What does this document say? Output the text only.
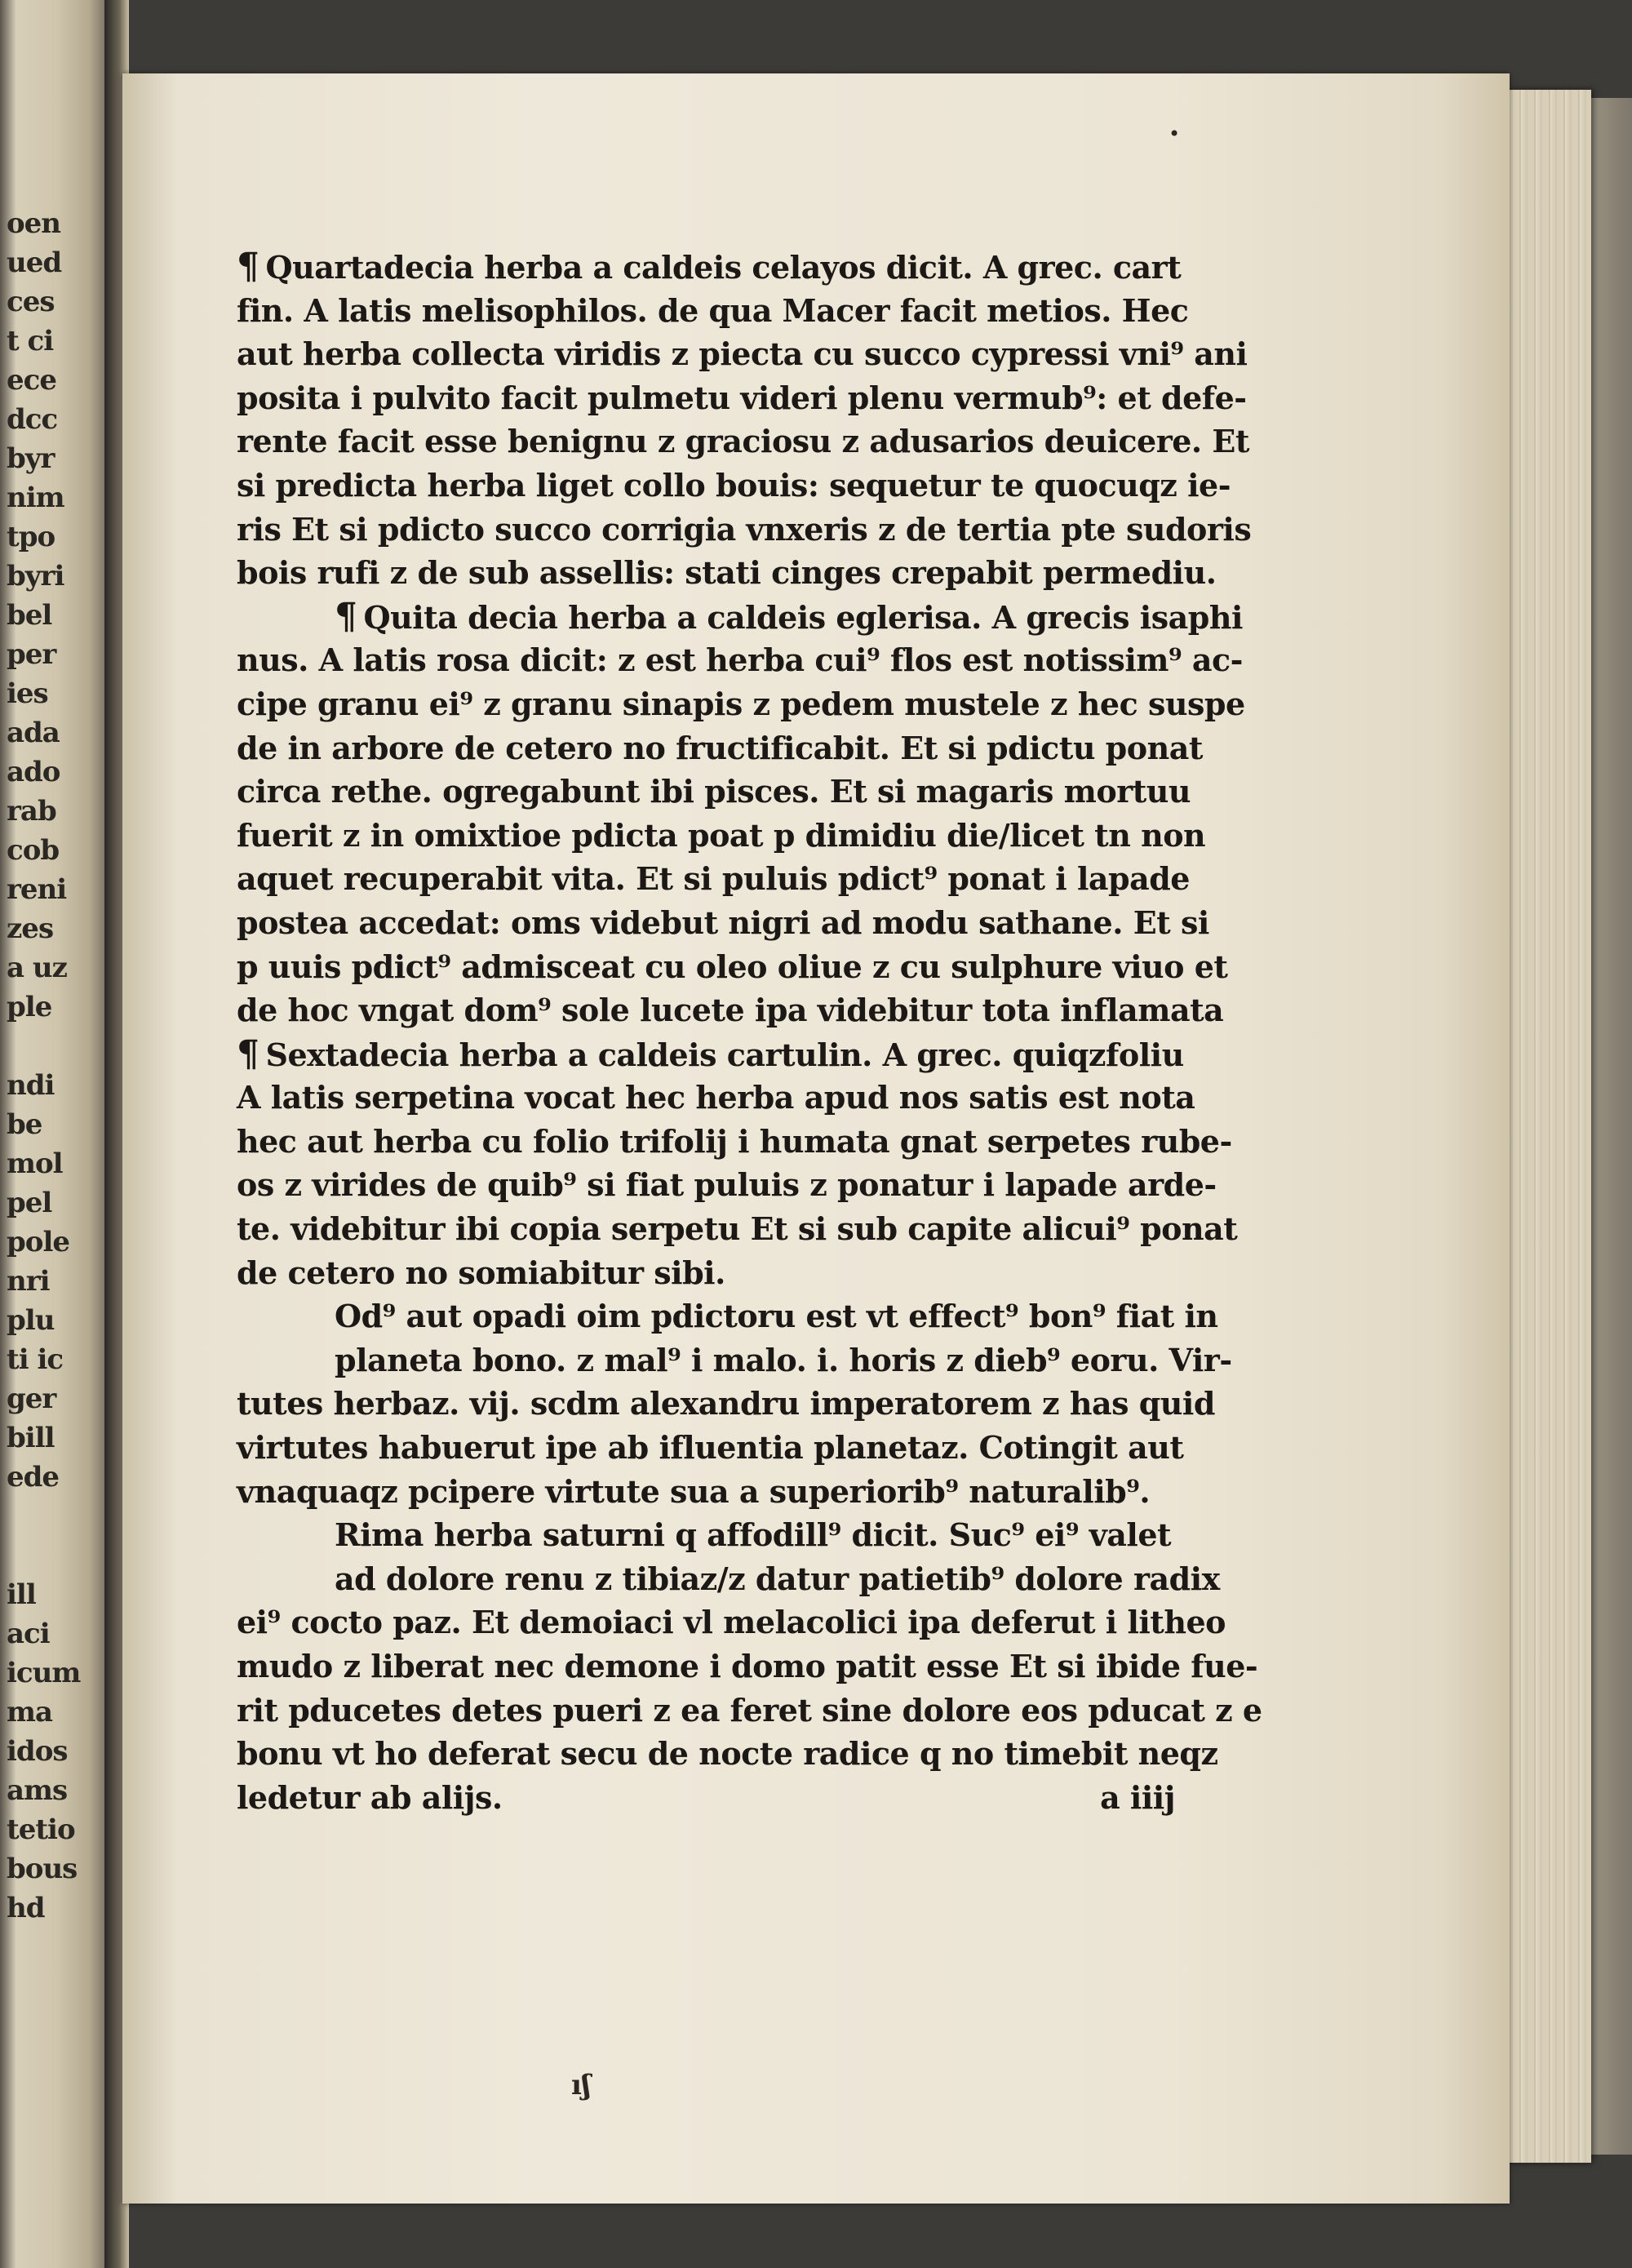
oen
ued
ces
t ci
ece
dcc
byr
nim
tpo
byri
bel
per
ies
ada
ado
rab
cob
reni
zes
a uz
ple
ndi
be
mol
pel
pole
nri
plu
ti ic
ger
bill
ede
ill
aci
icum
ma
idos
ams
tetio
bous
hd
•
¶ Quartadecia herba a caldeis celayos dicit. A grec. cart
fin. A latis melisophilos. de qua Macer facit metios. Hec
aut herba collecta viridis z piecta cu succo cypressi vni⁹ ani
posita i pulvito facit pulmetu videri plenu vermub⁹: et defe-
rente facit esse benignu z graciosu z adusarios deuicere. Et
si predicta herba liget collo bouis: sequetur te quocuqz ie-
ris Et si pdicto succo corrigia vnxeris z de tertia pte sudoris
bois rufi z de sub assellis: stati cinges crepabit permediu.
¶ Quita decia herba a caldeis eglerisa. A grecis isaphi
nus. A latis rosa dicit: z est herba cui⁹ flos est notissim⁹ ac-
cipe granu ei⁹ z granu sinapis z pedem mustele z hec suspe
de in arbore de cetero no fructificabit. Et si pdictu ponat
circa rethe. ogregabunt ibi pisces. Et si magaris mortuu
fuerit z in omixtioe pdicta poat p dimidiu die/licet tn non
aquet recuperabit vita. Et si puluis pdict⁹ ponat i lapade
postea accedat: oms videbut nigri ad modu sathane. Et si
p uuis pdict⁹ admisceat cu oleo oliue z cu sulphure viuo et
de hoc vngat dom⁹ sole lucete ipa videbitur tota inflamata
¶ Sextadecia herba a caldeis cartulin. A grec. quiqzfoliu
A latis serpetina vocat hec herba apud nos satis est nota
hec aut herba cu folio trifolij i humata gnat serpetes rube-
os z virides de quib⁹ si fiat puluis z ponatur i lapade arde-
te. videbitur ibi copia serpetu Et si sub capite alicui⁹ ponat
de cetero no somiabitur sibi.
Od⁹ aut opadi oim pdictoru est vt effect⁹ bon⁹ fiat in
planeta bono. z mal⁹ i malo. i. horis z dieb⁹ eoru. Vir-
tutes herbaz. vij. scdm alexandru imperatorem z has quid
virtutes habuerut ipe ab ifluentia planetaz. Cotingit aut
vnaquaqz pcipere virtute sua a superiorib⁹ naturalib⁹.
Rima herba saturni q affodill⁹ dicit. Suc⁹ ei⁹ valet
ad dolore renu z tibiaz/z datur patietib⁹ dolore radix
ei⁹ cocto paz. Et demoiaci vl melacolici ipa deferut i litheo
mudo z liberat nec demone i domo patit esse Et si ibide fue-
rit pducetes detes pueri z ea feret sine dolore eos pducat z e
bonu vt ho deferat secu de nocte radice q no timebit neqz
ledetur ab alijs.	a iiij
ıʃ
